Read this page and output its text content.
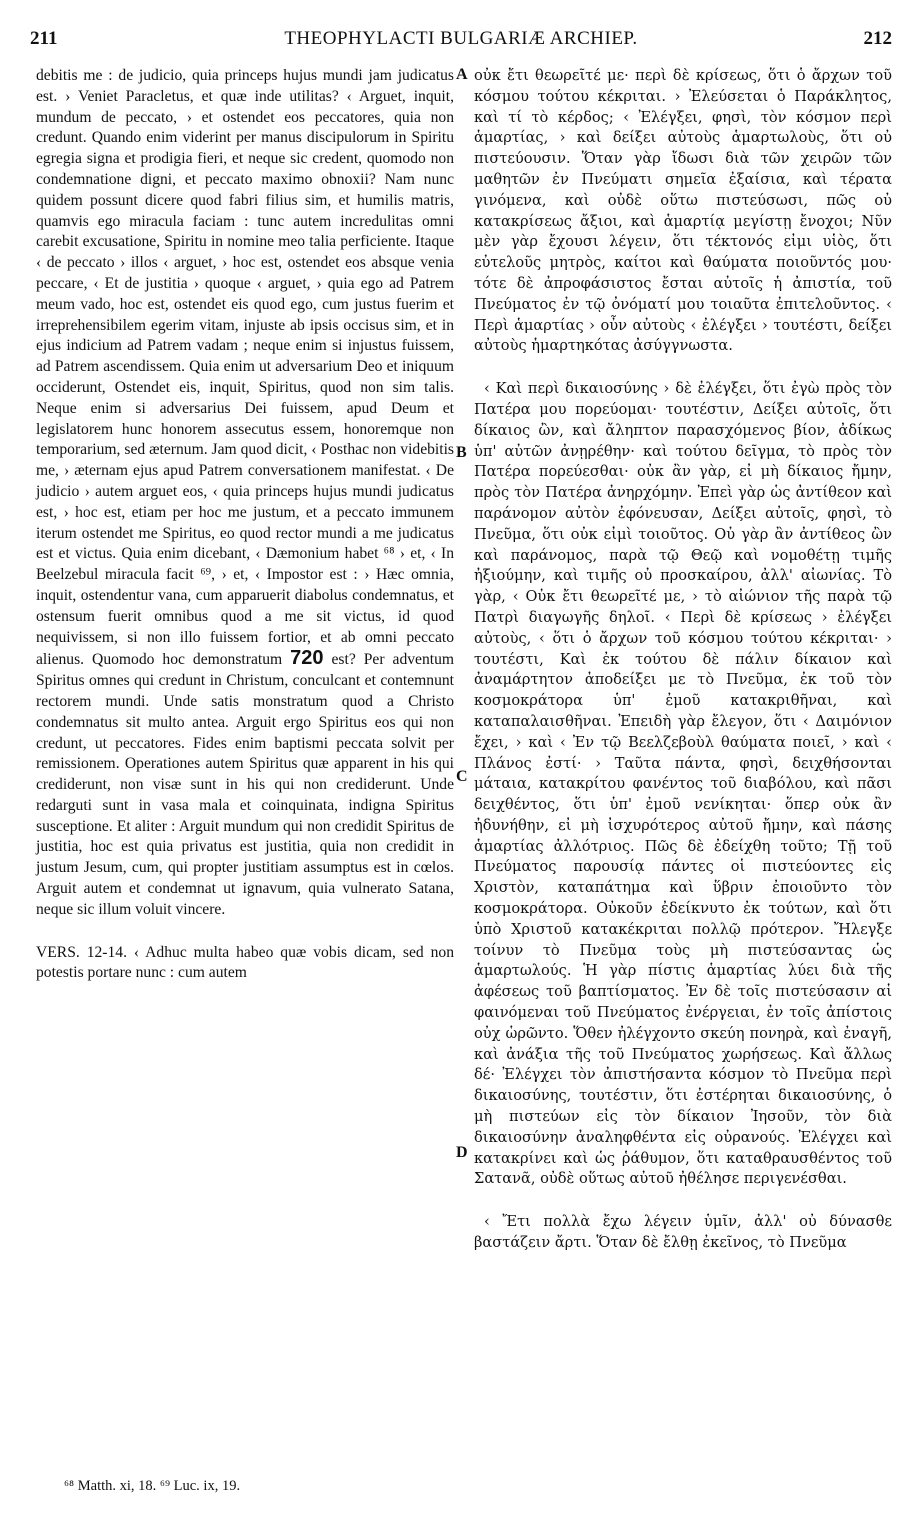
211	THEOPHYLACTI BULGARIÆ ARCHIEP.	212

debitis me : de judicio, quia princeps hujus mundi jam judicatus est. › Veniet Paracletus, et quæ inde utilitas? ‹ Arguet, inquit, mundum de peccato, › et ostendet eos peccatores, quia non credunt. Quando enim viderint per manus discipulorum in Spiritu egregia signa et prodigia fieri, et neque sic credent, quomodo non condemnatione digni, et peccato maximo obnoxii? Nam nunc quidem possunt dicere quod fabri filius sim, et humilis matris, quamvis ego miracula faciam : tunc autem incredulitas omni carebit excusatione, Spiritu in nomine meo talia perficiente. Itaque ‹ de peccato › illos ‹ arguet, › hoc est, ostendet eos absque venia peccare, ‹ Et de justitia › quoque ‹ arguet, › quia ego ad Patrem meum vado, hoc est, ostendet eis quod ego, cum justus fuerim et irreprehensibilem egerim vitam, injuste ab ipsis occisus sim, et in ejus indicium ad Patrem vadam ; neque enim si injustus fuissem, ad Patrem ascendissem. Quia enim ut adversarium Deo et iniquum occiderunt, Ostendet eis, inquit, Spiritus, quod non sim talis. Neque enim si adversarius Dei fuissem, apud Deum et legislatorem hunc honorem assecutus essem, honoremque non temporarium, sed æternum. Jam quod dicit, ‹ Posthac non videbitis me, › æternam ejus apud Patrem conversationem manifestat. ‹ De judicio › autem arguet eos, ‹ quia princeps hujus mundi judicatus est, › hoc est, etiam per hoc me justum, et a peccato immunem iterum ostendet me Spiritus, eo quod rector mundi a me judicatus est et victus. Quia enim dicebant, ‹ Dæmonium habet ⁶⁸ › et, ‹ In Beelzebul miracula facit ⁶⁹, › et, ‹ Impostor est : › Hæc omnia, inquit, ostendentur vana, cum apparuerit diabolus condemnatus, et ostensum fuerit omnibus quod a me sit victus, id quod nequivissem, si non illo fuissem fortior, et ab omni peccato alienus. Quomodo hoc demonstratum 720 est? Per adventum Spiritus omnes qui credunt in Christum, conculcant et contemnunt rectorem mundi. Unde satis monstratum quod a Christo condemnatus sit multo antea. Arguit ergo Spiritus eos qui non credunt, ut peccatores. Fides enim baptismi peccata solvit per remissionem. Operationes autem Spiritus quæ apparent in his qui crediderunt, non visæ sunt in his qui non crediderunt. Unde redarguti sunt in vasa mala et coinquinata, indigna Spiritus susceptione. Et aliter : Arguit mundum qui non credidit Spiritus de justitia, hoc est quia privatus est justitia, quia non credidit in justum Jesum, cum, qui propter justitiam assumptus est in cœlos. Arguit autem et condemnat ut ignavum, quia vulnerato Satana, neque sic illum voluit vincere.

VERS. 12-14. ‹ Adhuc multa habeo quæ vobis dicam, sed non potestis portare nunc : cum autem

A
B
C
D

οὐκ ἔτι θεωρεῖτέ με· περὶ δὲ κρίσεως, ὅτι ὁ ἄρχων τοῦ κόσμου τούτου κέκριται. › Ἐλεύσεται ὁ Παράκλητος, καὶ τί τὸ κέρδος; ‹ Ἐλέγξει, φησὶ, τὸν κόσμον περὶ ἁμαρτίας, › καὶ δείξει αὐτοὺς ἁμαρτωλοὺς, ὅτι οὐ πιστεύουσιν. Ὅταν γὰρ ἴδωσι διὰ τῶν χειρῶν τῶν μαθητῶν ἐν Πνεύματι σημεῖα ἐξαίσια, καὶ τέρατα γινόμενα, καὶ οὐδὲ οὕτω πιστεύσωσι, πῶς οὐ κατακρίσεως ἄξιοι, καὶ ἁμαρτίᾳ μεγίστῃ ἔνοχοι; Νῦν μὲν γὰρ ἔχουσι λέγειν, ὅτι τέκτονός εἰμι υἱὸς, ὅτι εὐτελοῦς μητρὸς, καίτοι καὶ θαύματα ποιοῦντός μου· τότε δὲ ἀπροφάσιστος ἔσται αὐτοῖς ἡ ἀπιστία, τοῦ Πνεύματος ἐν τῷ ὀνόματί μου τοιαῦτα ἐπιτελοῦντος. ‹ Περὶ ἁμαρτίας › οὖν αὐτοὺς ‹ ἐλέγξει › τουτέστι, δείξει αὐτοὺς ἡμαρτηκότας ἀσύγγνωστα.

‹ Καὶ περὶ δικαιοσύνης › δὲ ἐλέγξει, ὅτι ἐγὼ πρὸς τὸν Πατέρα μου πορεύομαι· τουτέστιν, Δείξει αὐτοῖς, ὅτι δίκαιος ὢν, καὶ ἄληπτον παρασχόμενος βίον, ἀδίκως ὑπ' αὐτῶν ἀνῃρέθην· καὶ τούτου δεῖγμα, τὸ πρὸς τὸν Πατέρα πορεύεσθαι· οὐκ ἂν γὰρ, εἰ μὴ δίκαιος ἤμην, πρὸς τὸν Πατέρα ἀνηρχόμην. Ἐπεὶ γὰρ ὡς ἀντίθεον καὶ παράνομον αὐτὸν ἐφόνευσαν, Δείξει αὐτοῖς, φησὶ, τὸ Πνεῦμα, ὅτι οὐκ εἰμὶ τοιοῦτος. Οὐ γὰρ ἂν ἀντίθεος ὢν καὶ παράνομος, παρὰ τῷ Θεῷ καὶ νομοθέτῃ τιμῆς ἠξιούμην, καὶ τιμῆς οὐ προσκαίρου, ἀλλ' αἰωνίας. Τὸ γὰρ, ‹ Οὐκ ἔτι θεωρεῖτέ με, › τὸ αἰώνιον τῆς παρὰ τῷ Πατρὶ διαγωγῆς δηλοῖ. ‹ Περὶ δὲ κρίσεως › ἐλέγξει αὐτοὺς, ‹ ὅτι ὁ ἄρχων τοῦ κόσμου τούτου κέκριται· › τουτέστι, Καὶ ἐκ τούτου δὲ πάλιν δίκαιον καὶ ἀναμάρτητον ἀποδείξει με τὸ Πνεῦμα, ἐκ τοῦ τὸν κοσμοκράτορα ὑπ' ἐμοῦ κατακριθῆναι, καὶ καταπαλαισθῆναι. Ἐπειδὴ γὰρ ἔλεγον, ὅτι ‹ Δαιμόνιον ἔχει, › καὶ ‹ Ἐν τῷ Βεελζεβοὺλ θαύματα ποιεῖ, › καὶ ‹ Πλάνος ἐστί· › Ταῦτα πάντα, φησὶ, δειχθήσονται μάταια, κατακρίτου φανέντος τοῦ διαβόλου, καὶ πᾶσι δειχθέντος, ὅτι ὑπ' ἐμοῦ νενίκηται· ὅπερ οὐκ ἂν ἠδυνήθην, εἰ μὴ ἰσχυρότερος αὐτοῦ ἤμην, καὶ πάσης ἁμαρτίας ἀλλότριος. Πῶς δὲ ἐδείχθη τοῦτο; Τῇ τοῦ Πνεύματος παρουσίᾳ πάντες οἱ πιστεύοντες εἰς Χριστὸν, καταπάτημα καὶ ὕβριν ἐποιοῦντο τὸν κοσμοκράτορα. Οὐκοῦν ἐδείκνυτο ἐκ τούτων, καὶ ὅτι ὑπὸ Χριστοῦ κατακέκριται πολλῷ πρότερον. Ἤλεγξε τοίνυν τὸ Πνεῦμα τοὺς μὴ πιστεύσαντας ὡς ἁμαρτωλούς. Ἡ γὰρ πίστις ἁμαρτίας λύει διὰ τῆς ἀφέσεως τοῦ βαπτίσματος. Ἐν δὲ τοῖς πιστεύσασιν αἱ φαινόμεναι τοῦ Πνεύματος ἐνέργειαι, ἐν τοῖς ἀπίστοις οὐχ ὡρῶντο. Ὅθεν ἠλέγχοντο σκεύη πονηρὰ, καὶ ἐναγῆ, καὶ ἀνάξια τῆς τοῦ Πνεύματος χωρήσεως. Καὶ ἄλλως δέ· Ἐλέγχει τὸν ἀπιστήσαντα κόσμον τὸ Πνεῦμα περὶ δικαιοσύνης, τουτέστιν, ὅτι ἐστέρηται δικαιοσύνης, ὁ μὴ πιστεύων εἰς τὸν δίκαιον Ἰησοῦν, τὸν διὰ δικαιοσύνην ἀναληφθέντα εἰς οὐρανούς. Ἐλέγχει καὶ κατακρίνει καὶ ὡς ῥάθυμον, ὅτι καταθραυσθέντος τοῦ Σατανᾶ, οὐδὲ οὕτως αὐτοῦ ἠθέλησε περιγενέσθαι.

‹ Ἔτι πολλὰ ἔχω λέγειν ὑμῖν, ἀλλ' οὐ δύνασθε βαστάζειν ἄρτι. Ὅταν δὲ ἔλθῃ ἐκεῖνος, τὸ Πνεῦμα

⁶⁸ Matth. xi, 18. ⁶⁹ Luc. ix, 19.
